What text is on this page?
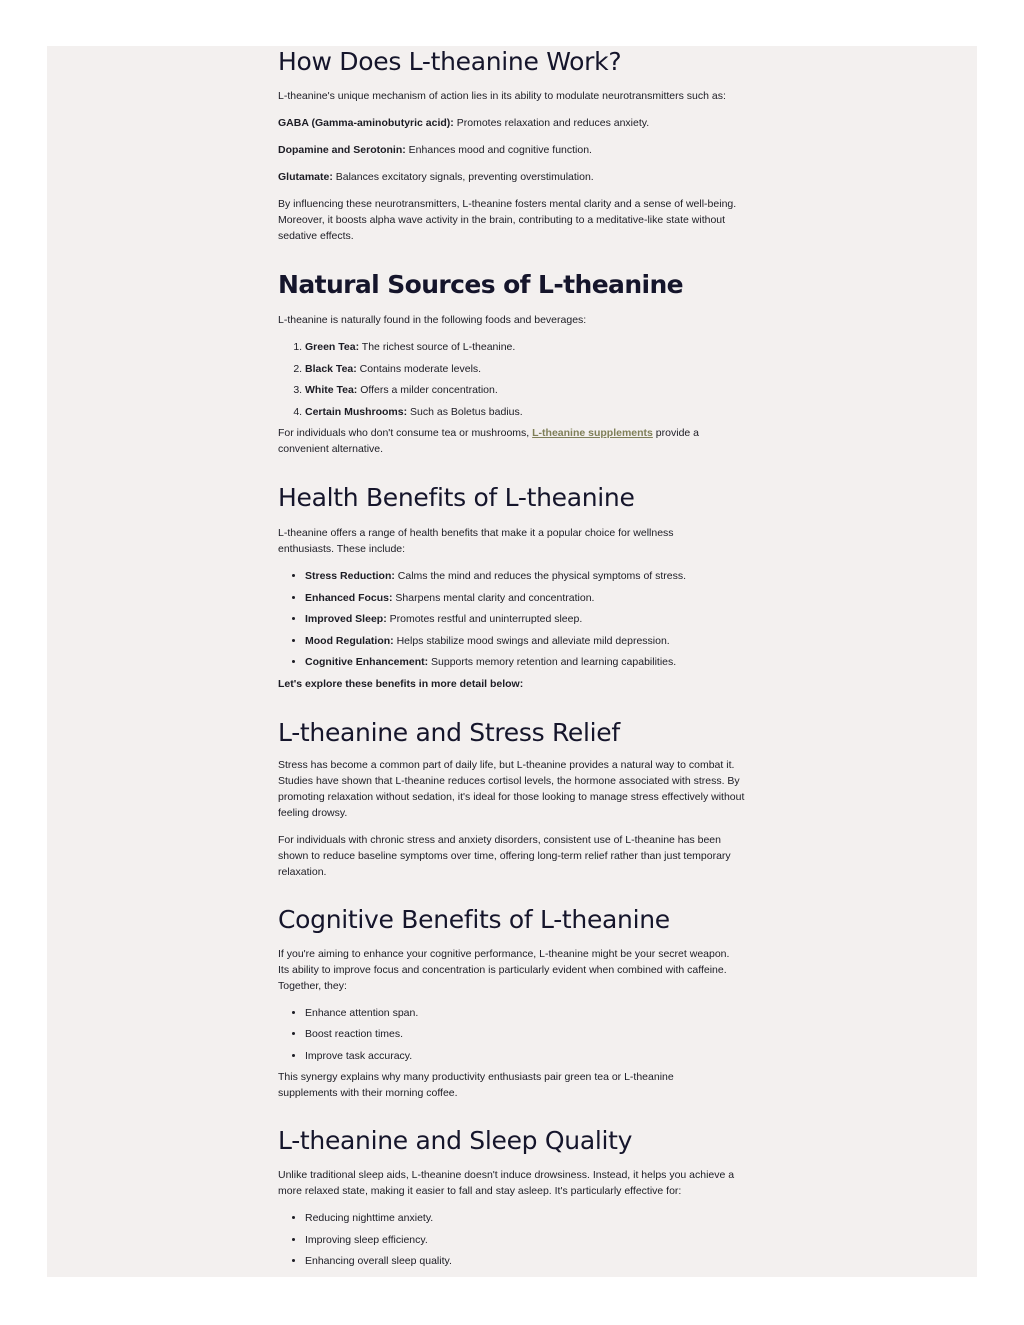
How Does L-theanine Work?

L-theanine's unique mechanism of action lies in its ability to modulate neurotransmitters such as:

GABA (Gamma-aminobutyric acid): Promotes relaxation and reduces anxiety.

Dopamine and Serotonin: Enhances mood and cognitive function.

Glutamate: Balances excitatory signals, preventing overstimulation.

By influencing these neurotransmitters, L-theanine fosters mental clarity and a sense of well-being. Moreover, it boosts alpha wave activity in the brain, contributing to a meditative-like state without sedative effects.

Natural Sources of L-theanine

L-theanine is naturally found in the following foods and beverages:

1. Green Tea: The richest source of L-theanine.
2. Black Tea: Contains moderate levels.
3. White Tea: Offers a milder concentration.
4. Certain Mushrooms: Such as Boletus badius.

For individuals who don't consume tea or mushrooms, L-theanine supplements provide a convenient alternative.

Health Benefits of L-theanine

L-theanine offers a range of health benefits that make it a popular choice for wellness enthusiasts. These include:

• Stress Reduction: Calms the mind and reduces the physical symptoms of stress.
• Enhanced Focus: Sharpens mental clarity and concentration.
• Improved Sleep: Promotes restful and uninterrupted sleep.
• Mood Regulation: Helps stabilize mood swings and alleviate mild depression.
• Cognitive Enhancement: Supports memory retention and learning capabilities.

Let's explore these benefits in more detail below:

L-theanine and Stress Relief

Stress has become a common part of daily life, but L-theanine provides a natural way to combat it. Studies have shown that L-theanine reduces cortisol levels, the hormone associated with stress. By promoting relaxation without sedation, it's ideal for those looking to manage stress effectively without feeling drowsy.

For individuals with chronic stress and anxiety disorders, consistent use of L-theanine has been shown to reduce baseline symptoms over time, offering long-term relief rather than just temporary relaxation.

Cognitive Benefits of L-theanine

If you're aiming to enhance your cognitive performance, L-theanine might be your secret weapon. Its ability to improve focus and concentration is particularly evident when combined with caffeine. Together, they:

• Enhance attention span.
• Boost reaction times.
• Improve task accuracy.

This synergy explains why many productivity enthusiasts pair green tea or L-theanine supplements with their morning coffee.

L-theanine and Sleep Quality

Unlike traditional sleep aids, L-theanine doesn't induce drowsiness. Instead, it helps you achieve a more relaxed state, making it easier to fall and stay asleep. It's particularly effective for:

• Reducing nighttime anxiety.
• Improving sleep efficiency.
• Enhancing overall sleep quality.
